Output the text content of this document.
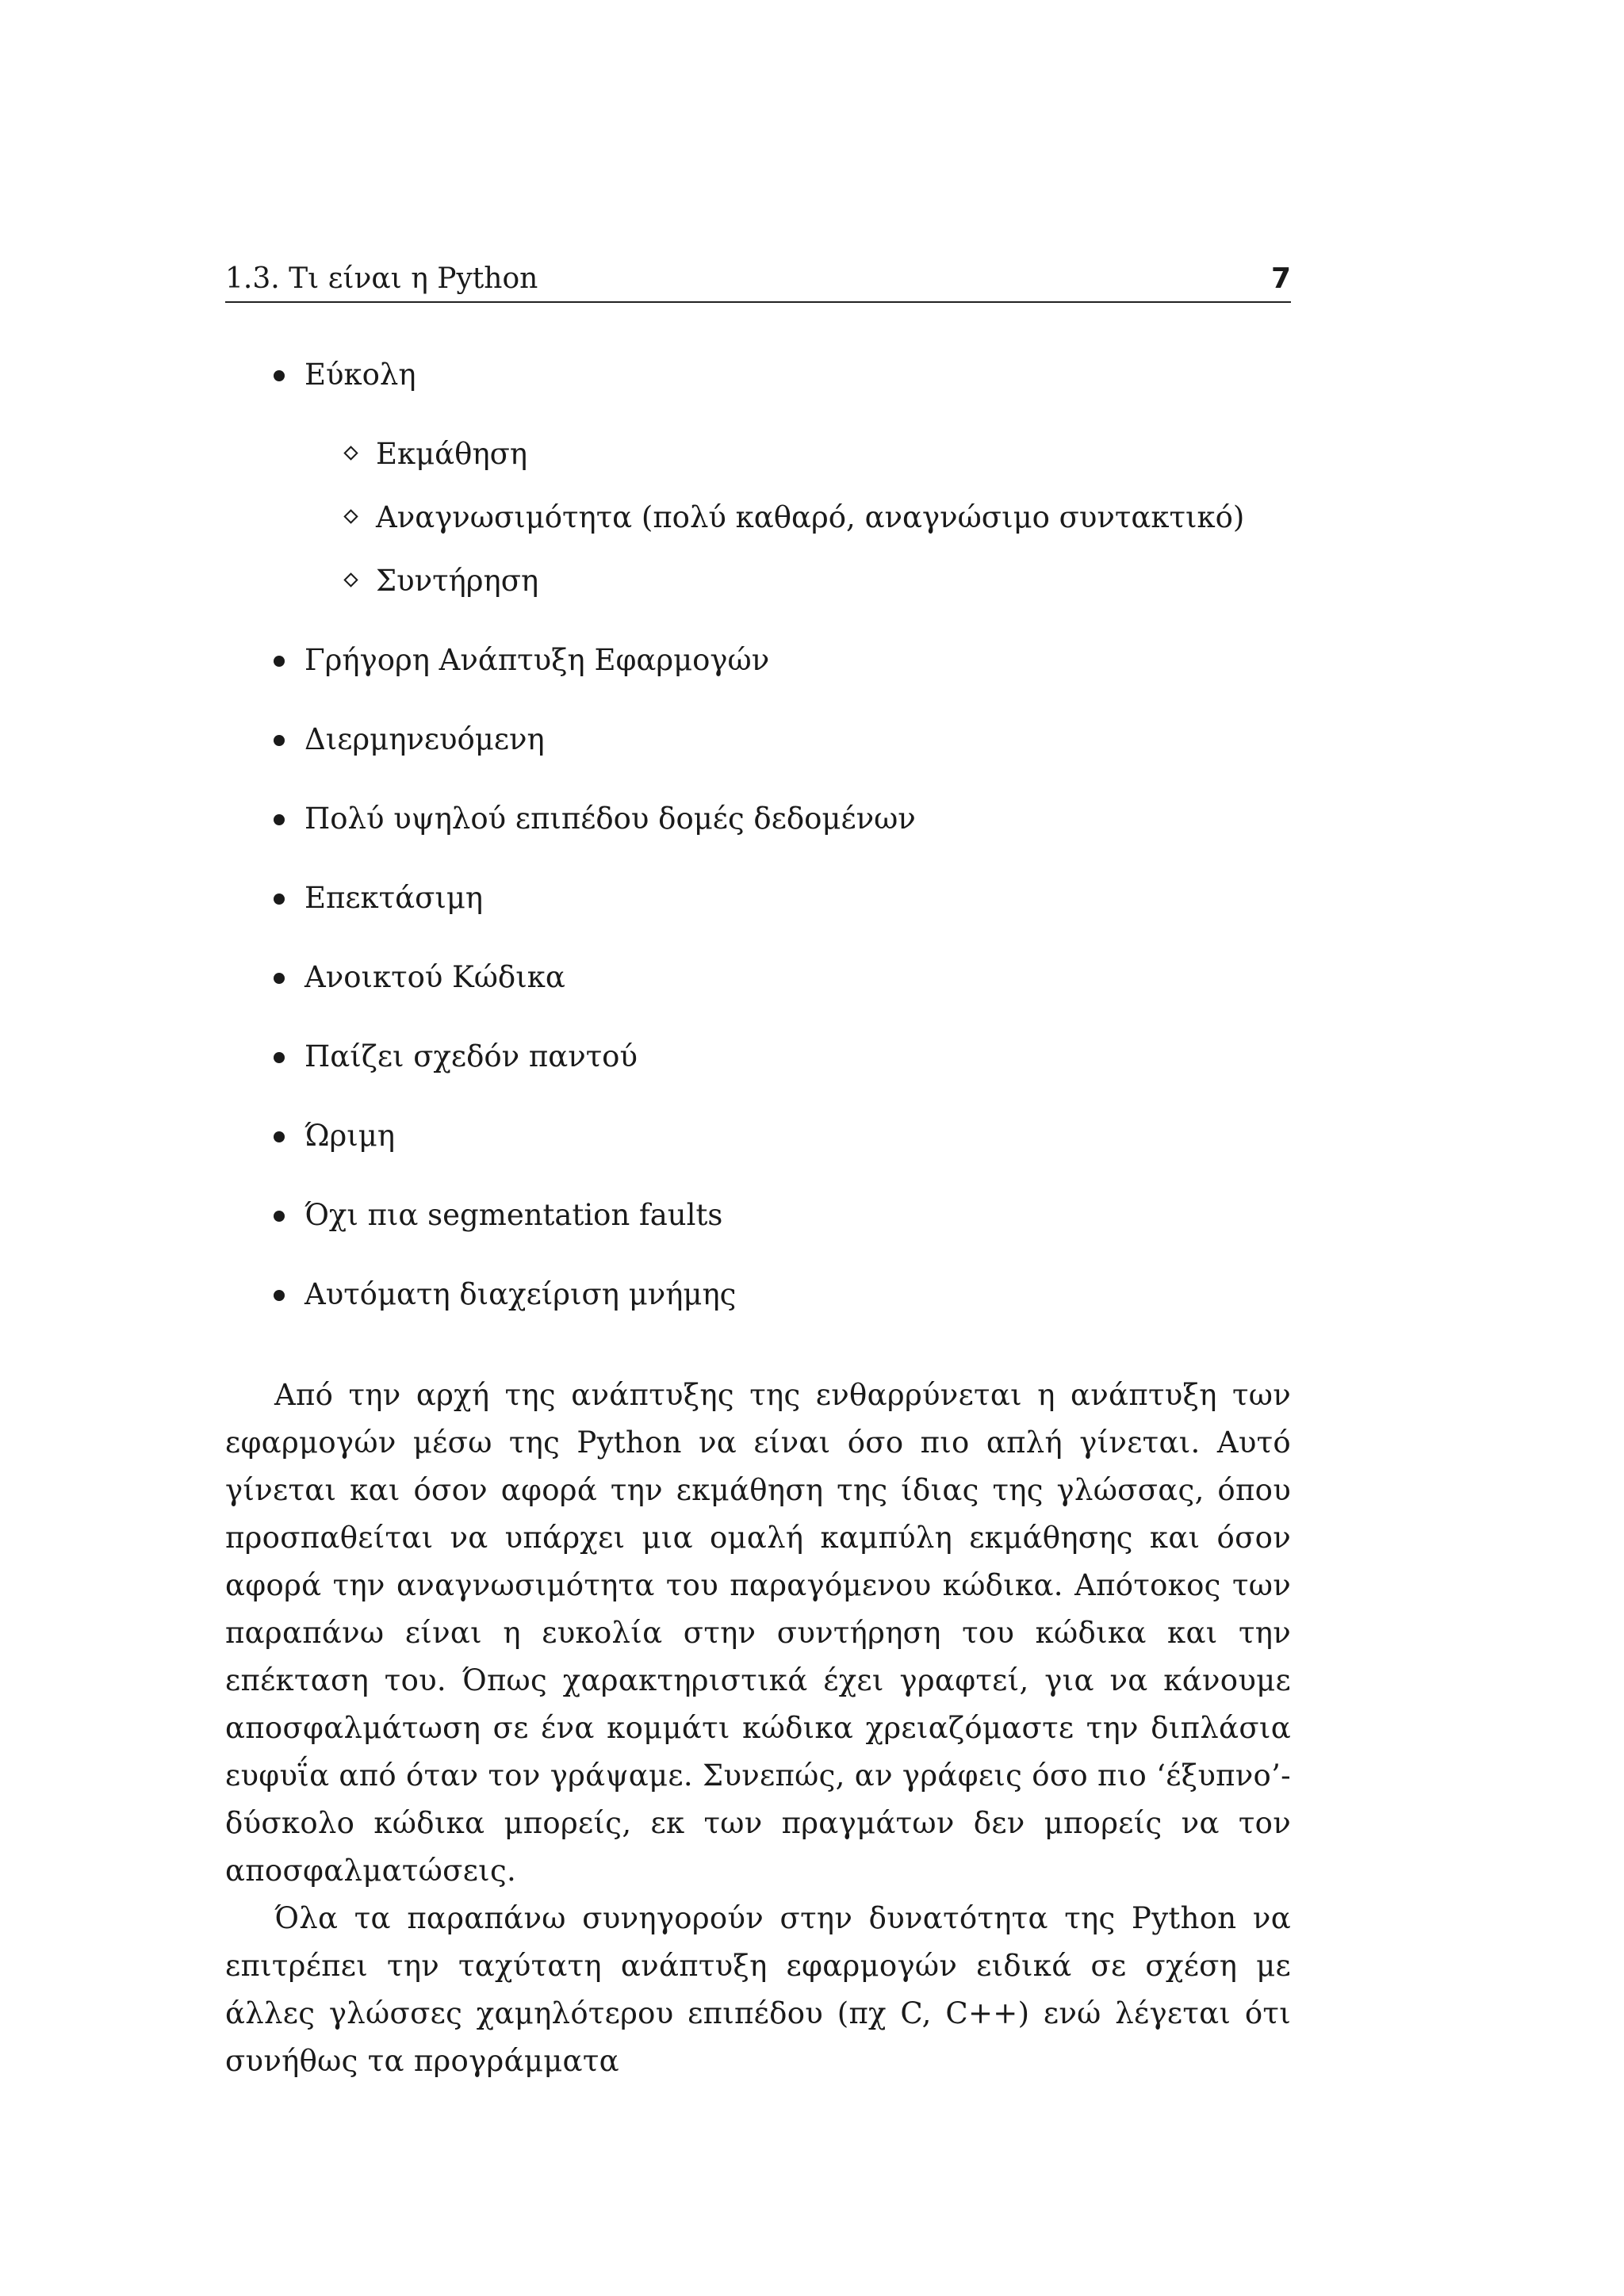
1.3. Τι είναι η Python	7
Εύκολη
Εκμάθηση
Αναγνωσιμότητα (πολύ καθαρό, αναγνώσιμο συντακτικό)
Συντήρηση
Γρήγορη Ανάπτυξη Εφαρμογών
Διερμηνευόμενη
Πολύ υψηλού επιπέδου δομές δεδομένων
Επεκτάσιμη
Ανοικτού Κώδικα
Παίζει σχεδόν παντού
Ώριμη
Όχι πια segmentation faults
Αυτόματη διαχείριση μνήμης

Από την αρχή της ανάπτυξης της ενθαρρύνεται η ανάπτυξη των εφαρμογών μέσω της Python να είναι όσο πιο απλή γίνεται. Αυτό γίνεται και όσον αφορά την εκμάθηση της ίδιας της γλώσσας, όπου προσπαθείται να υπάρχει μια ομαλή καμπύλη εκμάθησης και όσον αφορά την αναγνωσιμότητα του παραγόμενου κώδικα. Απότοκος των παραπάνω είναι η ευκολία στην συντήρηση του κώδικα και την επέκταση του. Όπως χαρακτηριστικά έχει γραφτεί, για να κάνουμε αποσφαλμάτωση σε ένα κομμάτι κώδικα χρειαζόμαστε την διπλάσια ευφυΐα από όταν τον γράψαμε. Συνεπώς, αν γράφεις όσο πιο ‘έξυπνο’-δύσκολο κώδικα μπορείς, εκ των πραγμάτων δεν μπορείς να τον αποσφαλματώσεις.

Όλα τα παραπάνω συνηγορούν στην δυνατότητα της Python να επιτρέπει την ταχύτατη ανάπτυξη εφαρμογών ειδικά σε σχέση με άλλες γλώσσες χαμηλότερου επιπέδου (πχ C, C++) ενώ λέγεται ότι συνήθως τα προγράμματα
